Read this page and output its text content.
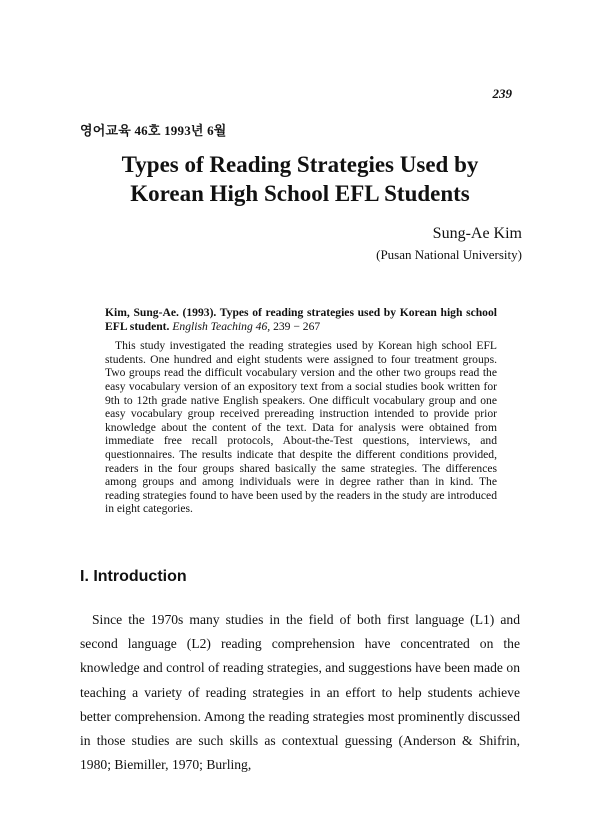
239
영어교육 46호 1993년 6월
Types of Reading Strategies Used by
Korean High School EFL Students
Sung-Ae Kim
(Pusan National University)
Kim, Sung-Ae. (1993). Types of reading strategies used by Korean high school EFL student. English Teaching 46, 239 − 267
This study investigated the reading strategies used by Korean high school EFL students. One hundred and eight students were assigned to four treatment groups. Two groups read the difficult vocabulary version and the other two groups read the easy vocabulary version of an expository text from a social studies book written for 9th to 12th grade native English speakers. One difficult vocabulary group and one easy vocabulary group received prereading instruction intended to provide prior knowledge about the content of the text. Data for analysis were obtained from immediate free recall protocols, About-the-Test questions, interviews, and questionnaires. The results indicate that despite the different conditions provided, readers in the four groups shared basically the same strategies. The differences among groups and among individuals were in degree rather than in kind. The reading strategies found to have been used by the readers in the study are introduced in eight categories.
I. Introduction
Since the 1970s many studies in the field of both first language (L1) and second language (L2) reading comprehension have concentrated on the knowledge and control of reading strategies, and suggestions have been made on teaching a variety of reading strategies in an effort to help students achieve better comprehension. Among the reading strategies most prominently discussed in those studies are such skills as contextual guessing (Anderson & Shifrin, 1980; Biemiller, 1970; Burling,
